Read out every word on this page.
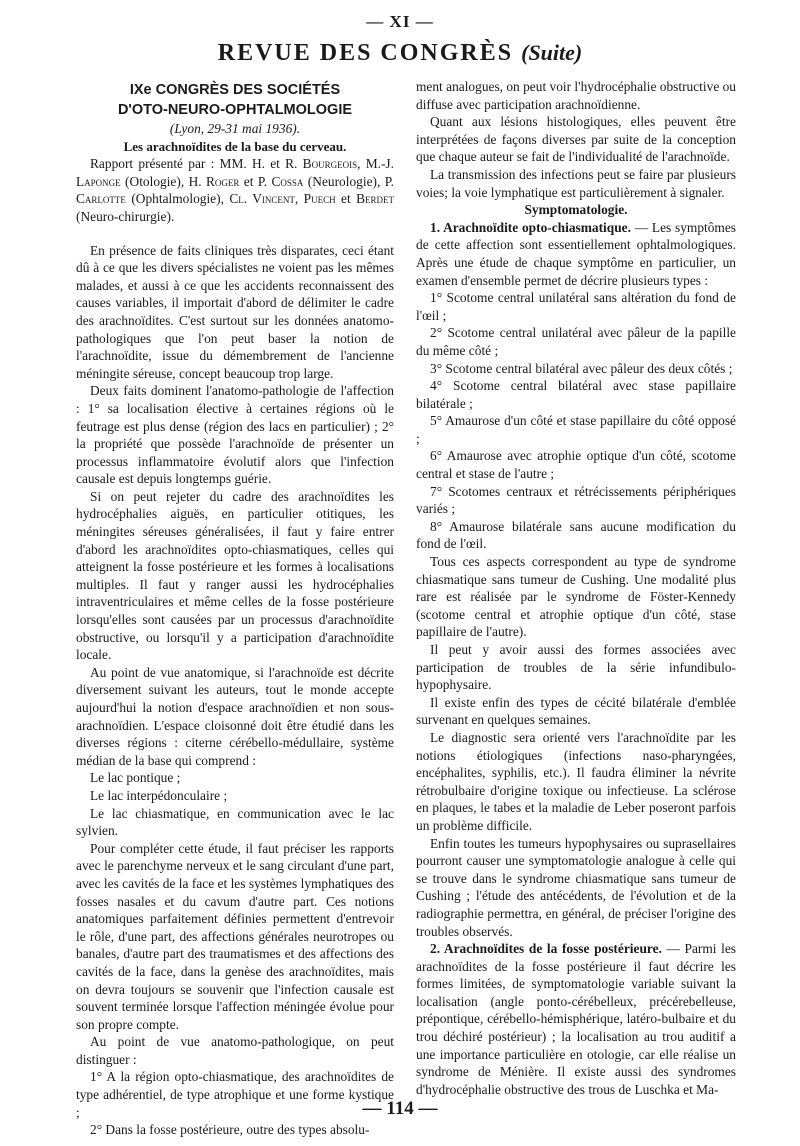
— XI —
REVUE DES CONGRÈS (Suite)
IXe CONGRÈS DES SOCIÉTÉS
D'OTO-NEURO-OPHTALMOLOGIE

(Lyon, 29-31 mai 1936).

Les arachnoïdites de la base du cerveau.

Rapport présenté par : MM. H. et R. Bourgeois, M.-J. Laponge (Otologie), H. Roger et P. Cossa (Neurologie), P. Carlotte (Ophtalmologie), Cl. Vincent, Puech et Berdet (Neuro-chirurgie).

En présence de faits cliniques très disparates, ceci étant dû à ce que les divers spécialistes ne voient pas les mêmes malades, et aussi à ce que les accidents reconnaissent des causes variables, il importait d'abord de délimiter le cadre des arachnoïdites. C'est surtout sur les données anatomo-pathologiques que l'on peut baser la notion de l'arachnoïdite, issue du démembrement de l'ancienne méningite séreuse, concept beaucoup trop large.

Deux faits dominent l'anatomo-pathologie de l'affection : 1° sa localisation élective à certaines régions où le feutrage est plus dense (région des lacs en particulier) ; 2° la propriété que possède l'arachnoïde de présenter un processus inflammatoire évolutif alors que l'infection causale est depuis longtemps guérie.

Si on peut rejeter du cadre des arachnoïdites les hydrocéphalies aiguës, en particulier otitiques, les méningites séreuses généralisées, il faut y faire entrer d'abord les arachnoïdites opto-chiasmatiques, celles qui atteignent la fosse postérieure et les formes à localisations multiples. Il faut y ranger aussi les hydrocéphalies intraventriculaires et même celles de la fosse postérieure lorsqu'elles sont causées par un processus d'arachnoïdite obstructive, ou lorsqu'il y a participation d'arachnoïdite locale.

Au point de vue anatomique, si l'arachnoïde est décrite diversement suivant les auteurs, tout le monde accepte aujourd'hui la notion d'espace arachnoïdien et non sous-arachnoïdien. L'espace cloisonné doit être étudié dans les diverses régions : citerne cérébello-médullaire, système médian de la base qui comprend :

Le lac pontique ;

Le lac interpédonculaire ;

Le lac chiasmatique, en communication avec le lac sylvien.

Pour compléter cette étude, il faut préciser les rapports avec le parenchyme nerveux et le sang circulant d'une part, avec les cavités de la face et les systèmes lymphatiques des fosses nasales et du cavum d'autre part. Ces notions anatomiques parfaitement définies permettent d'entrevoir le rôle, d'une part, des affections générales neurotropes ou banales, d'autre part des traumatismes et des affections des cavités de la face, dans la genèse des arachnoïdites, mais on devra toujours se souvenir que l'infection causale est souvent terminée lorsque l'affection méningée évolue pour son propre compte.

Au point de vue anatomo-pathologique, on peut distinguer :

1° A la région opto-chiasmatique, des arachnoïdites de type adhérentiel, de type atrophique et une forme kystique ;

2° Dans la fosse postérieure, outre des types absolu-

ment analogues, on peut voir l'hydrocéphalie obstructive ou diffuse avec participation arachnoïdienne.

Quant aux lésions histologiques, elles peuvent être interprétées de façons diverses par suite de la conception que chaque auteur se fait de l'individualité de l'arachnoïde.

La transmission des infections peut se faire par plusieurs voies; la voie lymphatique est particulièrement à signaler.

Symptomatologie.

1. Arachnoïdite opto-chiasmatique. — Les symptômes de cette affection sont essentiellement ophtalmologiques. Après une étude de chaque symptôme en particulier, un examen d'ensemble permet de décrire plusieurs types :

1° Scotome central unilatéral sans altération du fond de l'œil ;

2° Scotome central unilatéral avec pâleur de la papille du même côté ;

3° Scotome central bilatéral avec pâleur des deux côtés ;

4° Scotome central bilatéral avec stase papillaire bilatérale ;

5° Amaurose d'un côté et stase papillaire du côté opposé ;

6° Amaurose avec atrophie optique d'un côté, scotome central et stase de l'autre ;

7° Scotomes centraux et rétrécissements périphériques variés ;

8° Amaurose bilatérale sans aucune modification du fond de l'œil.

Tous ces aspects correspondent au type de syndrome chiasmatique sans tumeur de Cushing. Une modalité plus rare est réalisée par le syndrome de Föster-Kennedy (scotome central et atrophie optique d'un côté, stase papillaire de l'autre).

Il peut y avoir aussi des formes associées avec participation de troubles de la série infundibulo-hypophysaire.

Il existe enfin des types de cécité bilatérale d'emblée survenant en quelques semaines.

Le diagnostic sera orienté vers l'arachnoïdite par les notions étiologiques (infections naso-pharyngées, encéphalites, syphilis, etc.). Il faudra éliminer la névrite rétrobulbaire d'origine toxique ou infectieuse. La sclérose en plaques, le tabes et la maladie de Leber poseront parfois un problème difficile.

Enfin toutes les tumeurs hypophysaires ou suprasellaires pourront causer une symptomatologie analogue à celle qui se trouve dans le syndrome chiasmatique sans tumeur de Cushing ; l'étude des antécédents, de l'évolution et de la radiographie permettra, en général, de préciser l'origine des troubles observés.

2. Arachnoïdites de la fosse postérieure. — Parmi les arachnoïdites de la fosse postérieure il faut décrire les formes limitées, de symptomatologie variable suivant la localisation (angle ponto-cérébelleux, précérebelleuse, prépontique, cérébello-hémisphérique, latéro-bulbaire et du trou déchiré postérieur) ; la localisation au trou auditif a une importance particulière en otologie, car elle réalise un syndrome de Ménière. Il existe aussi des syndromes d'hydrocéphalie obstructive des trous de Luschka et Ma-

— 114 —
